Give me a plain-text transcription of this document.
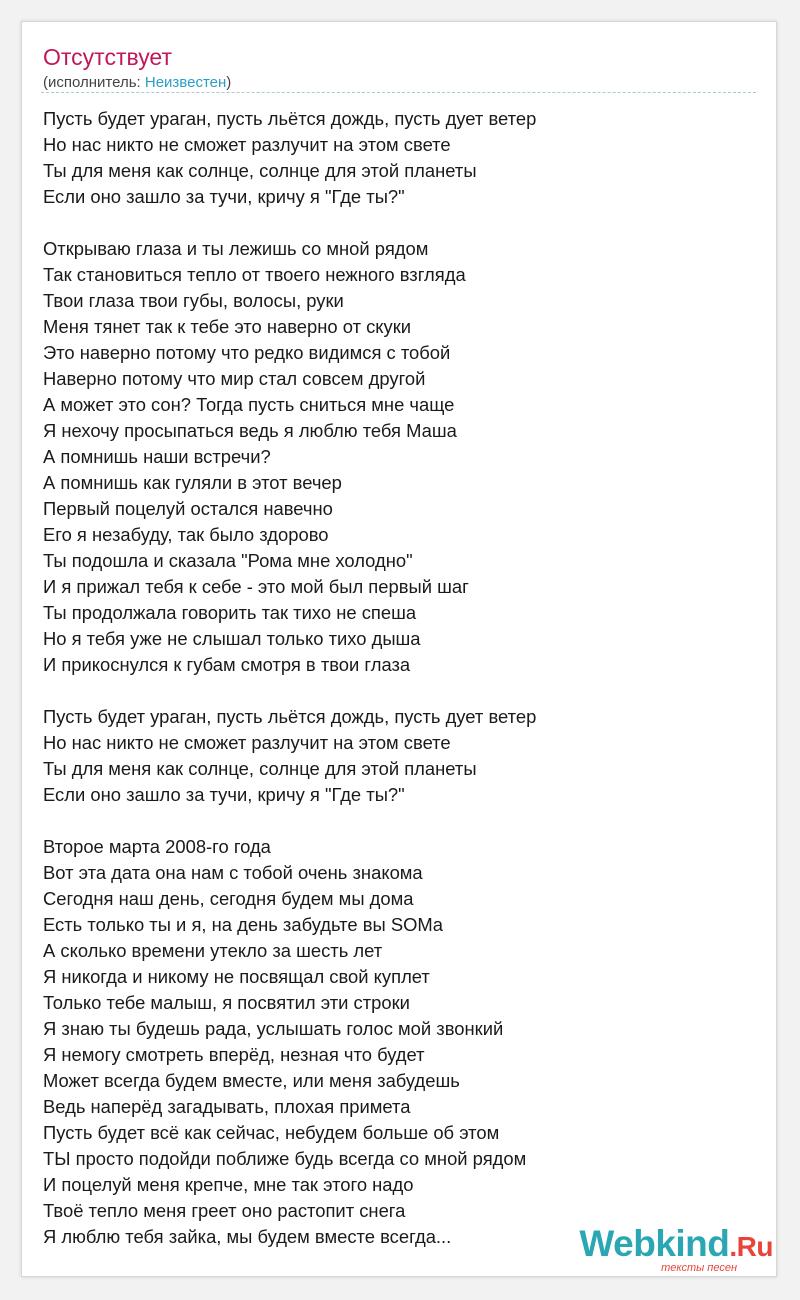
Отсутствует
(исполнитель: Неизвестен)
Пусть будет ураган, пусть льётся дождь, пусть дует ветер
Но нас никто не сможет разлучит на этом свете
Ты для меня как солнце, солнце для этой планеты
Если оно зашло за тучи, кричу я "Где ты?"
Открываю глаза и ты лежишь со мной рядом
Так становиться тепло от твоего нежного взгляда
Твои глаза твои губы, волосы, руки
Меня тянет так к тебе это наверно от скуки
Это наверно потому что редко видимся с тобой
Наверно потому что мир стал совсем другой
А может это сон? Тогда пусть сниться мне чаще
Я нехочу просыпаться ведь я люблю тебя Маша
А помнишь наши встречи?
А помнишь как гуляли в этот вечер
Первый поцелуй остался навечно
Его я незабуду, так было здорово
Ты подошла и сказала "Рома мне холодно"
И я прижал тебя к себе - это мой был первый шаг
Ты продолжала говорить так тихо не спеша
Но я тебя уже не слышал только тихо дыша
И прикоснулся к губам смотря в твои глаза
Пусть будет ураган, пусть льётся дождь, пусть дует ветер
Но нас никто не сможет разлучит на этом свете
Ты для меня как солнце, солнце для этой планеты
Если оно зашло за тучи, кричу я "Где ты?"
Второе марта 2008-го года
Вот эта дата она нам с тобой очень знакома
Сегодня наш день, сегодня будем мы дома
Есть только ты и я, на день забудьте вы SOMa
А сколько времени утекло за шесть лет
Я никогда и никому не посвящал свой куплет
Только тебе малыш, я посвятил эти строки
Я знаю ты будешь рада, услышать голос мой звонкий
Я немогу смотреть вперёд, незная что будет
Может всегда будем вместе, или меня забудешь
Ведь наперёд загадывать, плохая примета
Пусть будет всё как сейчас, небудем больше об этом
ТЫ просто подойди поближе будь всегда со мной рядом
И поцелуй меня крепче, мне так этого надо
Твоё тепло меня греет оно растопит снега
Я люблю тебя зайка, мы будем вместе всегда...	Webkind.Ru
тексты песен
